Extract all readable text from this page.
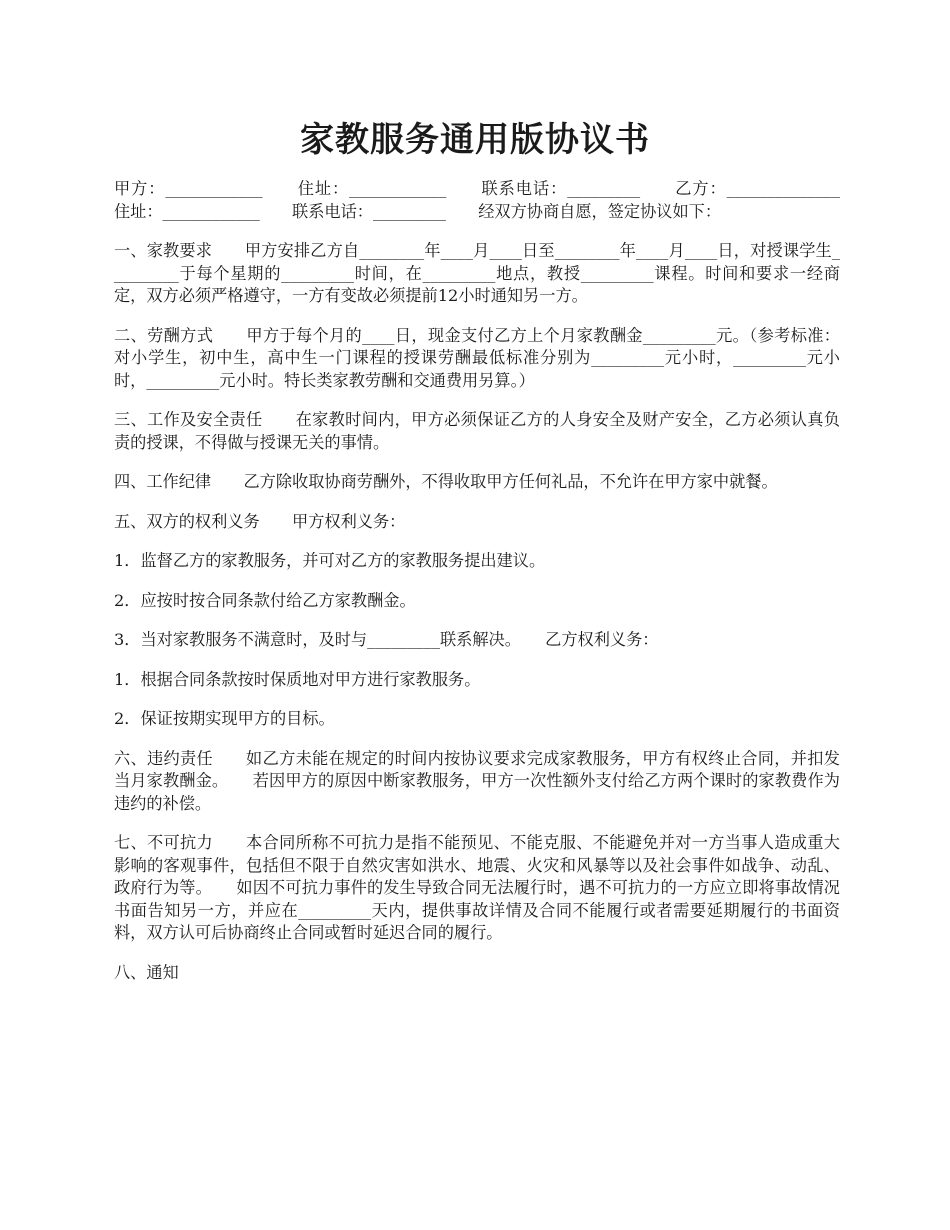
家教服务通用版协议书

甲方：____________　　住址：____________　　联系电话：_________　　乙方：______________　　住址：____________　　联系电话：_________　　经双方协商自愿，签定协议如下：

一、家教要求　　甲方安排乙方自________年____月____日至________年____月____日，对授课学生_________于每个星期的_________时间，在_________地点，教授_________课程。时间和要求一经商定，双方必须严格遵守，一方有变故必须提前12小时通知另一方。

二、劳酬方式　　甲方于每个月的____日，现金支付乙方上个月家教酬金_________元。（参考标准：对小学生，初中生，高中生一门课程的授课劳酬最低标准分别为_________元小时，_________元小时，_________元小时。特长类家教劳酬和交通费用另算。）

三、工作及安全责任　　在家教时间内，甲方必须保证乙方的人身安全及财产安全，乙方必须认真负责的授课，不得做与授课无关的事情。

四、工作纪律　　乙方除收取协商劳酬外，不得收取甲方任何礼品，不允许在甲方家中就餐。

五、双方的权利义务　　甲方权利义务：

1．监督乙方的家教服务，并可对乙方的家教服务提出建议。

2．应按时按合同条款付给乙方家教酬金。

3．当对家教服务不满意时，及时与_________联系解决。　　乙方权利义务：

1．根据合同条款按时保质地对甲方进行家教服务。

2．保证按期实现甲方的目标。

六、违约责任　　如乙方未能在规定的时间内按协议要求完成家教服务，甲方有权终止合同，并扣发当月家教酬金。　　若因甲方的原因中断家教服务，甲方一次性额外支付给乙方两个课时的家教费作为违约的补偿。

七、不可抗力　　本合同所称不可抗力是指不能预见、不能克服、不能避免并对一方当事人造成重大影响的客观事件，包括但不限于自然灾害如洪水、地震、火灾和风暴等以及社会事件如战争、动乱、政府行为等。　　如因不可抗力事件的发生导致合同无法履行时，遇不可抗力的一方应立即将事故情况书面告知另一方，并应在_________天内，提供事故详情及合同不能履行或者需要延期履行的书面资料，双方认可后协商终止合同或暂时延迟合同的履行。

八、通知
